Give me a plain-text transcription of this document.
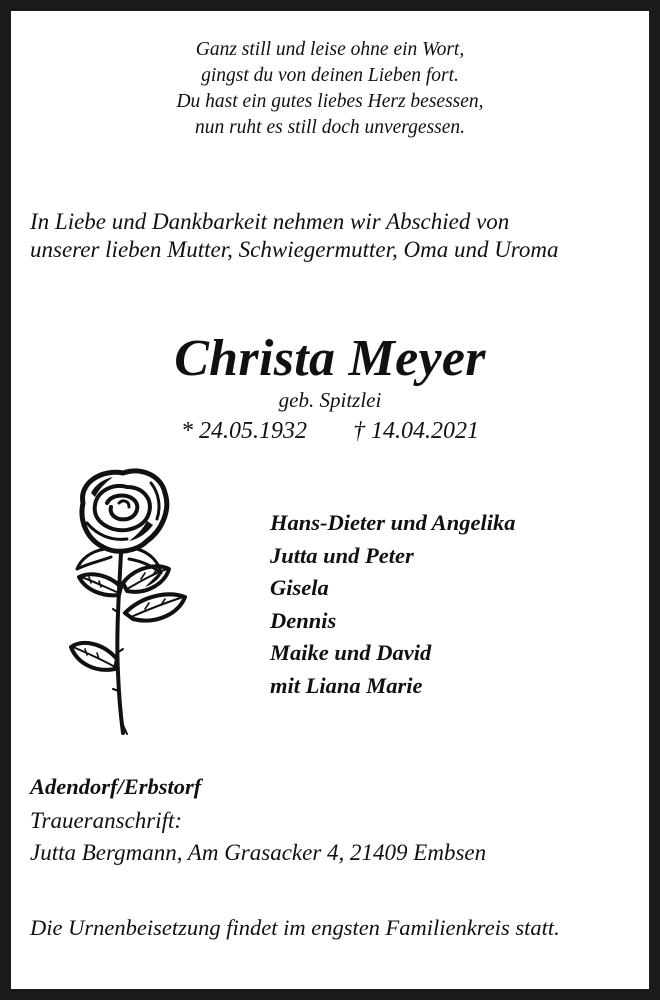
Ganz still und leise ohne ein Wort,
gingst du von deinen Lieben fort.
Du hast ein gutes liebes Herz besessen,
nun ruht es still doch unvergessen.
In Liebe und Dankbarkeit nehmen wir Abschied von
unserer lieben Mutter, Schwiegermutter, Oma und Uroma
Christa Meyer
geb. Spitzlei
* 24.05.1932 † 14.04.2021
Hans-Dieter und Angelika
Jutta und Peter
Gisela
Dennis
Maike und David
mit Liana Marie
Adendorf/Erbstorf
Traueranschrift:
Jutta Bergmann, Am Grasacker 4, 21409 Embsen
Die Urnenbeisetzung findet im engsten Familienkreis statt.
